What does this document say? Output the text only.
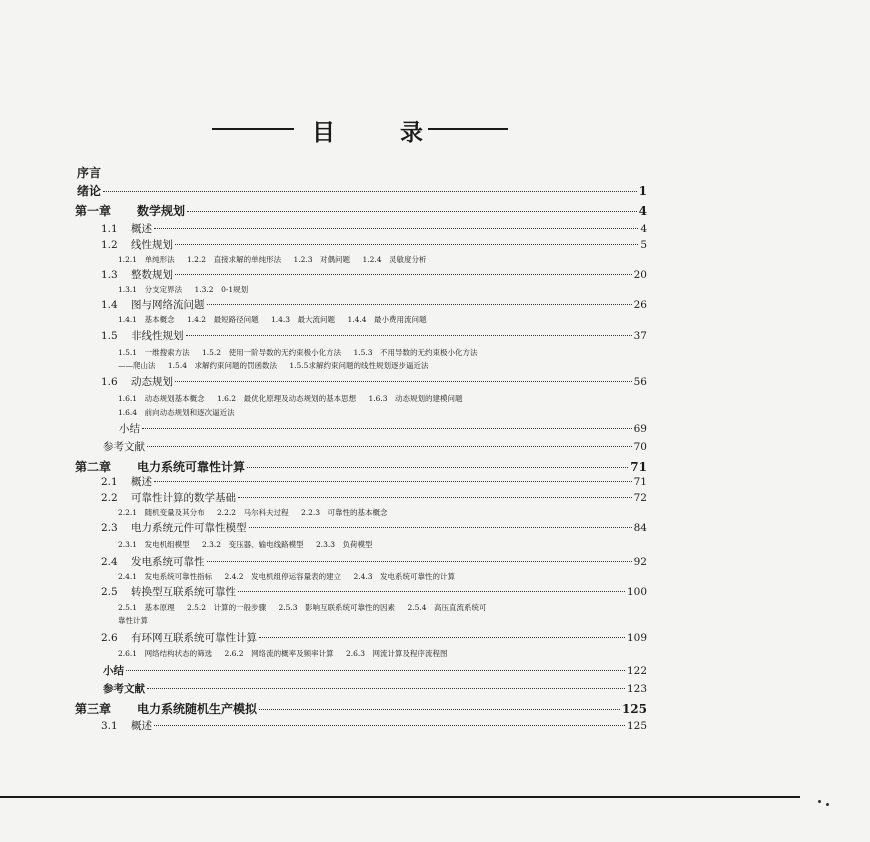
目	录
序言
绪论	1
第一章	数学规划	4
1.1	概述	4
1.2	线性规划	5
1.2.1　单纯形法 1.2.2　直接求解的单纯形法 1.2.3　对偶问题 1.2.4　灵敏度分析
1.3	整数规划	20
1.3.1　分支定界法 1.3.2　0-1规划
1.4	图与网络流问题	26
1.4.1　基本概念 1.4.2　最短路径问题 1.4.3　最大流问题 1.4.4　最小费用流问题
1.5	非线性规划	37
1.5.1　一维搜索方法 1.5.2　使用一阶导数的无约束极小化方法 1.5.3　不用导数的无约束极小化方法
——爬山法 1.5.4　求解约束问题的罚函数法 1.5.5求解约束问题的线性规划逐步逼近法
1.6	动态规划	56
1.6.1　动态规划基本概念 1.6.2　最优化原理及动态规划的基本思想 1.6.3　动态规划的建模问题
1.6.4　前向动态规划和逐次逼近法
小结	69
参考文献	70
第二章	电力系统可靠性计算	71
2.1	概述	71
2.2	可靠性计算的数学基础	72
2.2.1　随机变量及其分布 2.2.2　马尔科夫过程 2.2.3　可靠性的基本概念
2.3	电力系统元件可靠性模型	84
2.3.1　发电机组模型 2.3.2　变压器、输电线路模型 2.3.3　负荷模型
2.4	发电系统可靠性	92
2.4.1　发电系统可靠性指标 2.4.2　发电机组停运容量表的建立 2.4.3　发电系统可靠性的计算
2.5	转换型互联系统可靠性	100
2.5.1　基本原理 2.5.2　计算的一般步骤 2.5.3　影响互联系统可靠性的因素 2.5.4　高压直流系统可
靠性计算
2.6	有环网互联系统可靠性计算	109
2.6.1　网络结构状态的筛选 2.6.2　网络流的概率及频率计算 2.6.3　网流计算及程序流程图
小结	122
参考文献	123
第三章	电力系统随机生产模拟	125
3.1	概述	125
